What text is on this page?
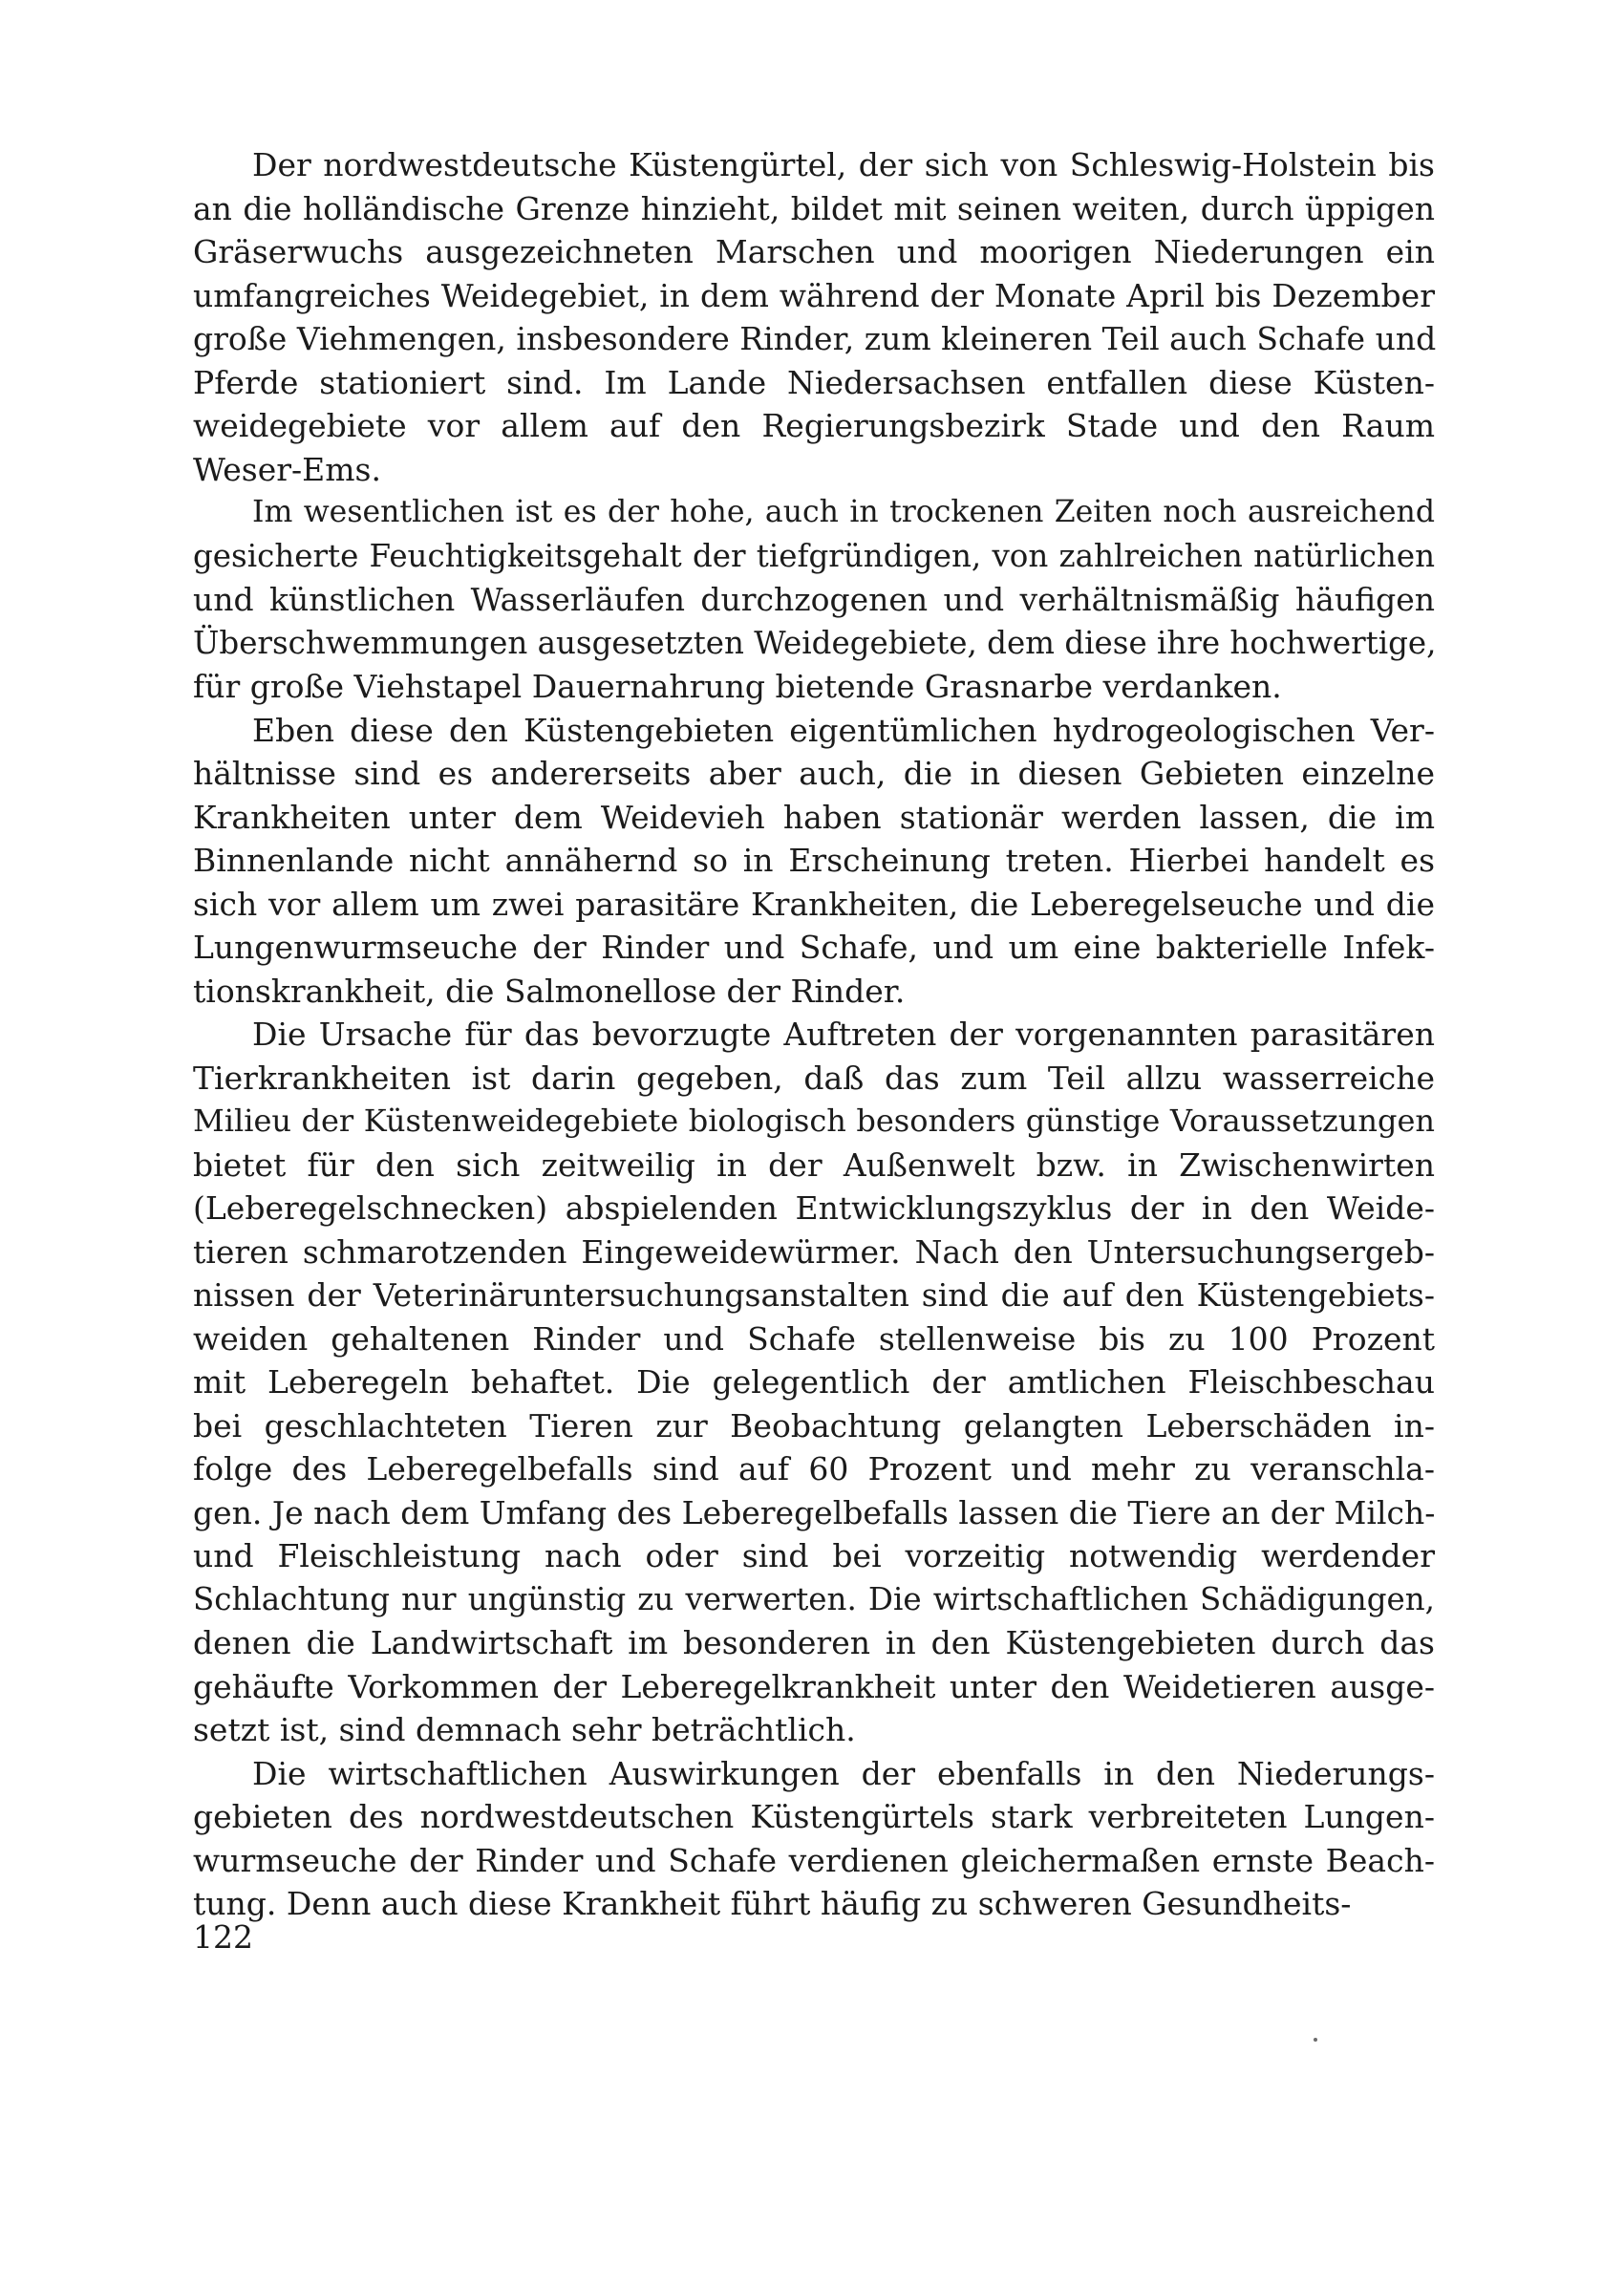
Der nordwestdeutsche Küstengürtel, der sich von Schleswig-Holstein bis
an die holländische Grenze hinzieht, bildet mit seinen weiten, durch üppigen
Gräserwuchs ausgezeichneten Marschen und moorigen Niederungen ein
umfangreiches Weidegebiet, in dem während der Monate April bis Dezember
große Viehmengen, insbesondere Rinder, zum kleineren Teil auch Schafe und
Pferde stationiert sind. Im Lande Niedersachsen entfallen diese Küsten-
weidegebiete vor allem auf den Regierungsbezirk Stade und den Raum
Weser-Ems.

Im wesentlichen ist es der hohe, auch in trockenen Zeiten noch ausreichend
gesicherte Feuchtigkeitsgehalt der tiefgründigen, von zahlreichen natürlichen
und künstlichen Wasserläufen durchzogenen und verhältnismäßig häufigen
Überschwemmungen ausgesetzten Weidegebiete, dem diese ihre hochwertige,
für große Viehstapel Dauernahrung bietende Grasnarbe verdanken.

Eben diese den Küstengebieten eigentümlichen hydrogeologischen Ver-
hältnisse sind es andererseits aber auch, die in diesen Gebieten einzelne
Krankheiten unter dem Weidevieh haben stationär werden lassen, die im
Binnenlande nicht annähernd so in Erscheinung treten. Hierbei handelt es
sich vor allem um zwei parasitäre Krankheiten, die Leberegelseuche und die
Lungenwurmseuche der Rinder und Schafe, und um eine bakterielle Infek-
tionskrankheit, die Salmonellose der Rinder.

Die Ursache für das bevorzugte Auftreten der vorgenannten parasitären
Tierkrankheiten ist darin gegeben, daß das zum Teil allzu wasserreiche
Milieu der Küstenweidegebiete biologisch besonders günstige Voraussetzungen
bietet für den sich zeitweilig in der Außenwelt bzw. in Zwischenwirten
(Leberegelschnecken) abspielenden Entwicklungszyklus der in den Weide-
tieren schmarotzenden Eingeweidewürmer. Nach den Untersuchungsergeb-
nissen der Veterinäruntersuchungsanstalten sind die auf den Küstengebiets-
weiden gehaltenen Rinder und Schafe stellenweise bis zu 100 Prozent
mit Leberegeln behaftet. Die gelegentlich der amtlichen Fleischbeschau
bei geschlachteten Tieren zur Beobachtung gelangten Leberschäden in-
folge des Leberegelbefalls sind auf 60 Prozent und mehr zu veranschla-
gen. Je nach dem Umfang des Leberegelbefalls lassen die Tiere an der Milch-
und Fleischleistung nach oder sind bei vorzeitig notwendig werdender
Schlachtung nur ungünstig zu verwerten. Die wirtschaftlichen Schädigungen,
denen die Landwirtschaft im besonderen in den Küstengebieten durch das
gehäufte Vorkommen der Leberegelkrankheit unter den Weidetieren ausge-
setzt ist, sind demnach sehr beträchtlich.

Die wirtschaftlichen Auswirkungen der ebenfalls in den Niederungs-
gebieten des nordwestdeutschen Küstengürtels stark verbreiteten Lungen-
wurmseuche der Rinder und Schafe verdienen gleichermaßen ernste Beach-
tung. Denn auch diese Krankheit führt häufig zu schweren Gesundheits-

122
